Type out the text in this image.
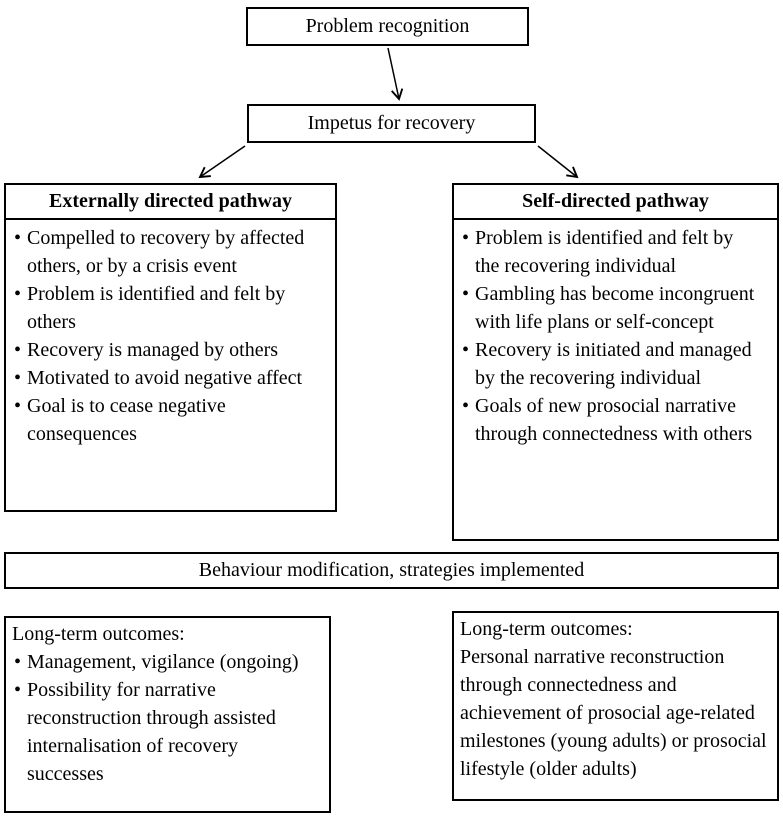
Problem recognition
Impetus for recovery
Externally directed pathway
• Compelled to recovery by affected others, or by a crisis event
• Problem is identified and felt by others
• Recovery is managed by others
• Motivated to avoid negative affect
• Goal is to cease negative consequences
Self-directed pathway
• Problem is identified and felt by the recovering individual
• Gambling has become incongruent with life plans or self-concept
• Recovery is initiated and managed by the recovering individual
• Goals of new prosocial narrative through connectedness with others
Behaviour modification, strategies implemented
Long-term outcomes:
• Management, vigilance (ongoing)
• Possibility for narrative reconstruction through assisted internalisation of recovery successes
Long-term outcomes:

Personal narrative reconstruction through connectedness and achievement of prosocial age-related milestones (young adults) or prosocial lifestyle (older adults)
